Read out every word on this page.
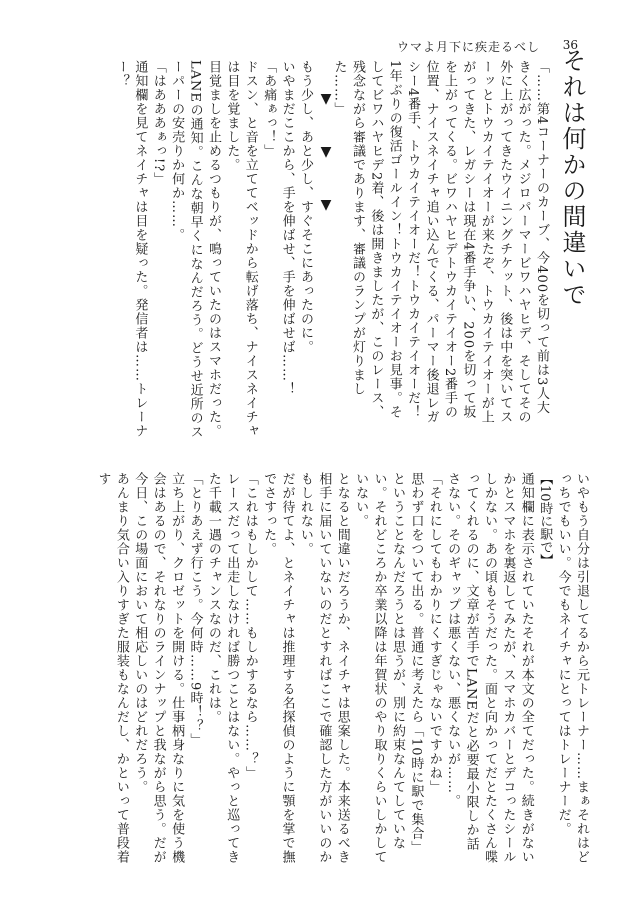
ウマよ月下に疾走るべし 36
それは何かの間違いで

「……第4コーナーのカーブ、今400を切って前は3人大きく広がった。メジロパーマービワハヤヒデ、そしてその外に上がってきたウイニングチケット、後は中を突いてスーッとトウカイテイオーが来たぞ、トウカイテイオーが上がってきた、レガシーは現在4番手争い、200を切って坂を上がってくる。ビワハヤヒデトウカイテイオー2番手の位置、ナイスネイチャ追い込んでくる、パーマー後退レガシー4番手、トウカイテイオーだ！トウカイテイオーだ！1年ぶりの復活ゴールイン！トウカイテイオーお見事。そしてビワハヤヒデ2着、後は開きましたが、このレース、残念ながら審議であります、審議のランプが灯りました……」

▼
▼
▼

もう少し、あと少し、すぐそこにあったのに。

いやまだここから、手を伸ばせ、手を伸ばせば……！

「あ痛ぁっ！」

ドスン、と音を立ててベッドから転げ落ち、ナイスネイチャは目を覚ました。

目覚ましを止めるつもりが、鳴っていたのはスマホだった。LANEの通知。こんな朝早くになんだろう。どうせ近所のスーパーの安売りか何か……。

「はあああぁっ!?」

通知欄を見てネイチャは目を疑った。発信者は……トレーナー？

いやもう自分は引退してるから元トレーナー……まぁそれはどっちでもいい。今でもネイチャにとってはトレーナーだ。

【10時に駅で】

通知欄に表示されていたそれが本文の全てだった。続きがないかとスマホを裏返してみたが、スマホカバーとデコったシールしかない。あの頃もそうだった。面と向かってだとたくさん喋ってくれるのに、文章が苦手でLANEだと必要最小限しか話さない。そのギャップは悪くない、悪くないが……。

「それにしてもわかりにくすぎじゃないですかね」

思わず口をついて出る。普通に考えたら「10時に駅で集合」ということなんだろうとは思うが、別に約束なんてしていない。それどころか卒業以降は年賀状のやり取りくらいしかしていない。

となると間違いだろうか、ネイチャは思案した。本来送るべき相手に届いていないのだとすればここで確認した方がいいのかもしれない。

だが待てよ、とネイチャは推理する名探偵のように顎を掌で撫でさすった。

「これはもしかして……もしかするなら……？」

レースだって出走しなければ勝つことはない。やっと巡ってきた千載一遇のチャンスなのだ、これは。

「とりあえず行こう。今何時……9時！？」

立ち上がり、クロゼットを開ける。仕事柄身なりに気を使う機会はあるので、それなりのラインナップと我ながら思う。だが今日、この場面において相応しいのはどれだろう。

あんまり気合い入りすぎた服装もなんだし、かといって普段着す
